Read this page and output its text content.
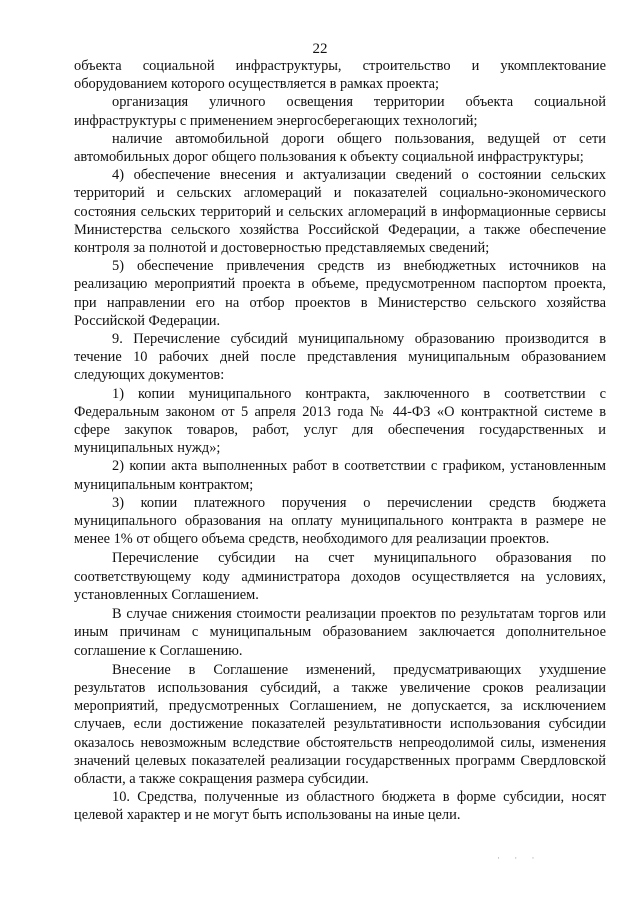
22

объекта социальной инфраструктуры, строительство и укомплектование оборудованием которого осуществляется в рамках проекта;

организация уличного освещения территории объекта социальной инфраструктуры с применением энергосберегающих технологий;

наличие автомобильной дороги общего пользования, ведущей от сети автомобильных дорог общего пользования к объекту социальной инфраструктуры;

4) обеспечение внесения и актуализации сведений о состоянии сельских территорий и сельских агломераций и показателей социально-экономического состояния сельских территорий и сельских агломераций в информационные сервисы Министерства сельского хозяйства Российской Федерации, а также обеспечение контроля за полнотой и достоверностью представляемых сведений;

5) обеспечение привлечения средств из внебюджетных источников на реализацию мероприятий проекта в объеме, предусмотренном паспортом проекта, при направлении его на отбор проектов в Министерство сельского хозяйства Российской Федерации.

9. Перечисление субсидий муниципальному образованию производится в течение 10 рабочих дней после представления муниципальным образованием следующих документов:

1) копии муниципального контракта, заключенного в соответствии с Федеральным законом от 5 апреля 2013 года № 44-ФЗ «О контрактной системе в сфере закупок товаров, работ, услуг для обеспечения государственных и муниципальных нужд»;

2) копии акта выполненных работ в соответствии с графиком, установленным муниципальным контрактом;

3) копии платежного поручения о перечислении средств бюджета муниципального образования на оплату муниципального контракта в размере не менее 1% от общего объема средств, необходимого для реализации проектов.

Перечисление субсидии на счет муниципального образования по соответствующему коду администратора доходов осуществляется на условиях, установленных Соглашением.

В случае снижения стоимости реализации проектов по результатам торгов или иным причинам с муниципальным образованием заключается дополнительное соглашение к Соглашению.

Внесение в Соглашение изменений, предусматривающих ухудшение результатов использования субсидий, а также увеличение сроков реализации мероприятий, предусмотренных Соглашением, не допускается, за исключением случаев, если достижение показателей результативности использования субсидии оказалось невозможным вследствие обстоятельств непреодолимой силы, изменения значений целевых показателей реализации государственных программ Свердловской области, а также сокращения размера субсидии.

10. Средства, полученные из областного бюджета в форме субсидии, носят целевой характер и не могут быть использованы на иные цели.

· · ·
